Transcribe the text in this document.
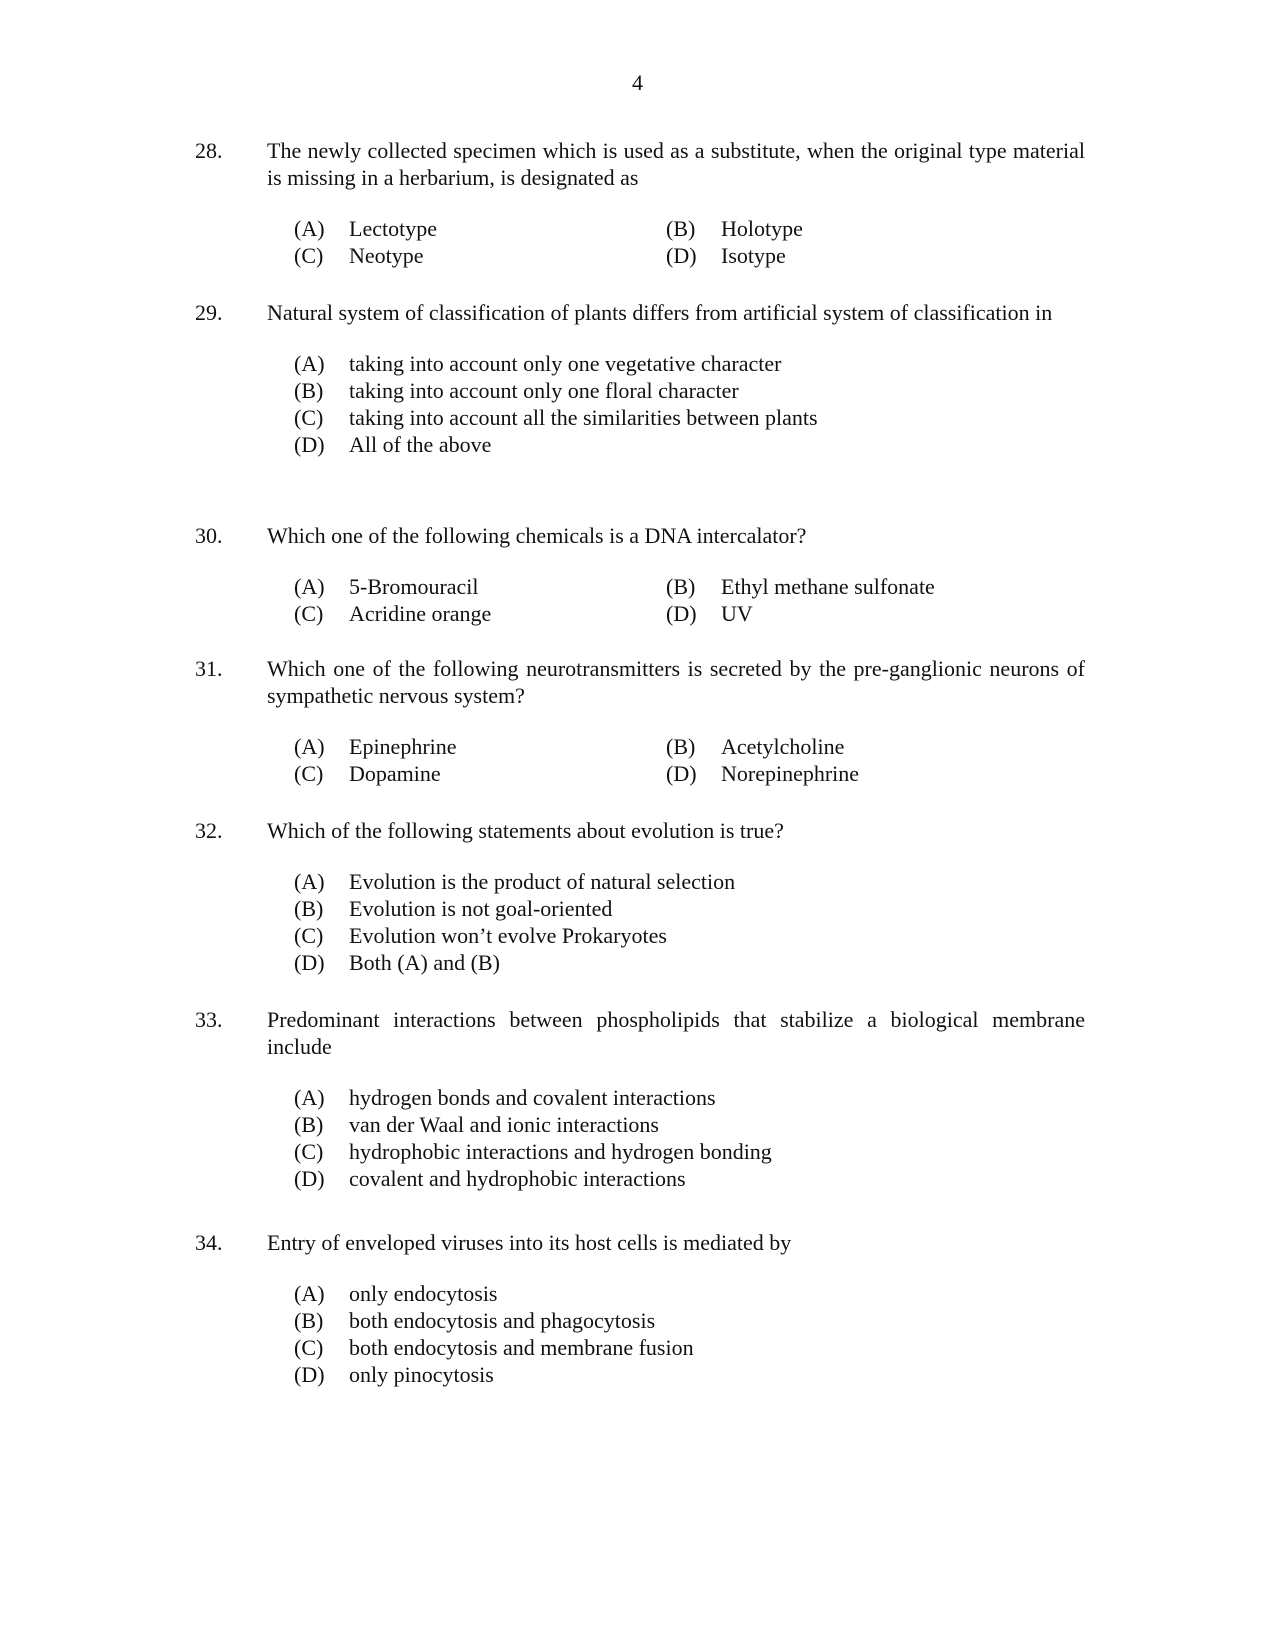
4
28. The newly collected specimen which is used as a substitute, when the original type material is missing in a herbarium, is designated as
(A)	Lectotype	(B)	Holotype
(C)	Neotype	(D)	Isotype
29. Natural system of classification of plants differs from artificial system of classification in
(A)	taking into account only one vegetative character
(B)	taking into account only one floral character
(C)	taking into account all the similarities between plants
(D)	All of the above
30. Which one of the following chemicals is a DNA intercalator?
(A)	5-Bromouracil	(B)	Ethyl methane sulfonate
(C)	Acridine orange	(D)	UV
31. Which one of the following neurotransmitters is secreted by the pre-ganglionic neurons of sympathetic nervous system?
(A)	Epinephrine	(B)	Acetylcholine
(C)	Dopamine	(D)	Norepinephrine
32. Which of the following statements about evolution is true?
(A)	Evolution is the product of natural selection
(B)	Evolution is not goal-oriented
(C)	Evolution won’t evolve Prokaryotes
(D)	Both (A) and (B)
33. Predominant interactions between phospholipids that stabilize a biological membrane include
(A)	hydrogen bonds and covalent interactions
(B)	van der Waal and ionic interactions
(C)	hydrophobic interactions and hydrogen bonding
(D)	covalent and hydrophobic interactions
34. Entry of enveloped viruses into its host cells is mediated by
(A)	only endocytosis
(B)	both endocytosis and phagocytosis
(C)	both endocytosis and membrane fusion
(D)	only pinocytosis
